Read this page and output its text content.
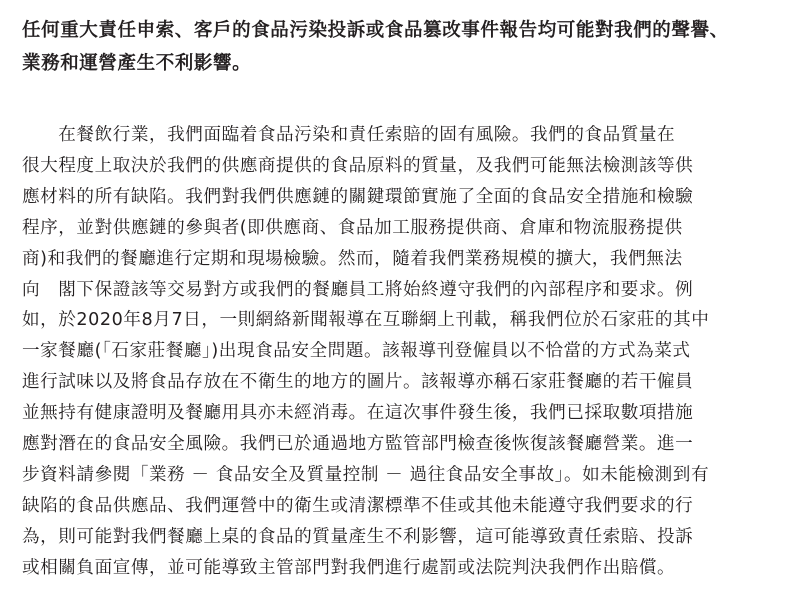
任何重大責任申索、客戶的食品污染投訴或食品篡改事件報告均可能對我們的聲譽、
業務和運營產生不利影響。
　　在餐飲行業，我們面臨着食品污染和責任索賠的固有風險。我們的食品質量在
很大程度上取決於我們的供應商提供的食品原料的質量，及我們可能無法檢測該等供
應材料的所有缺陷。我們對我們供應鏈的關鍵環節實施了全面的食品安全措施和檢驗
程序，並對供應鏈的參與者(即供應商、食品加工服務提供商、倉庫和物流服務提供
商)和我們的餐廳進行定期和現場檢驗。然而，隨着我們業務規模的擴大，我們無法
向　閣下保證該等交易對方或我們的餐廳員工將始終遵守我們的內部程序和要求。例
如，於2020年8月7日，一則網絡新聞報導在互聯網上刊載，稱我們位於石家莊的其中
一家餐廳(「石家莊餐廳」)出現食品安全問題。該報導刊登僱員以不恰當的方式為菜式
進行試味以及將食品存放在不衛生的地方的圖片。該報導亦稱石家莊餐廳的若干僱員
並無持有健康證明及餐廳用具亦未經消毒。在這次事件發生後，我們已採取數項措施
應對潛在的食品安全風險。我們已於通過地方監管部門檢查後恢復該餐廳營業。進一
步資料請參閱「業務 － 食品安全及質量控制 － 過往食品安全事故」。如未能檢測到有
缺陷的食品供應品、我們運營中的衛生或清潔標準不佳或其他未能遵守我們要求的行
為，則可能對我們餐廳上桌的食品的質量產生不利影響，這可能導致責任索賠、投訴
或相關負面宣傳，並可能導致主管部門對我們進行處罰或法院判決我們作出賠償。
